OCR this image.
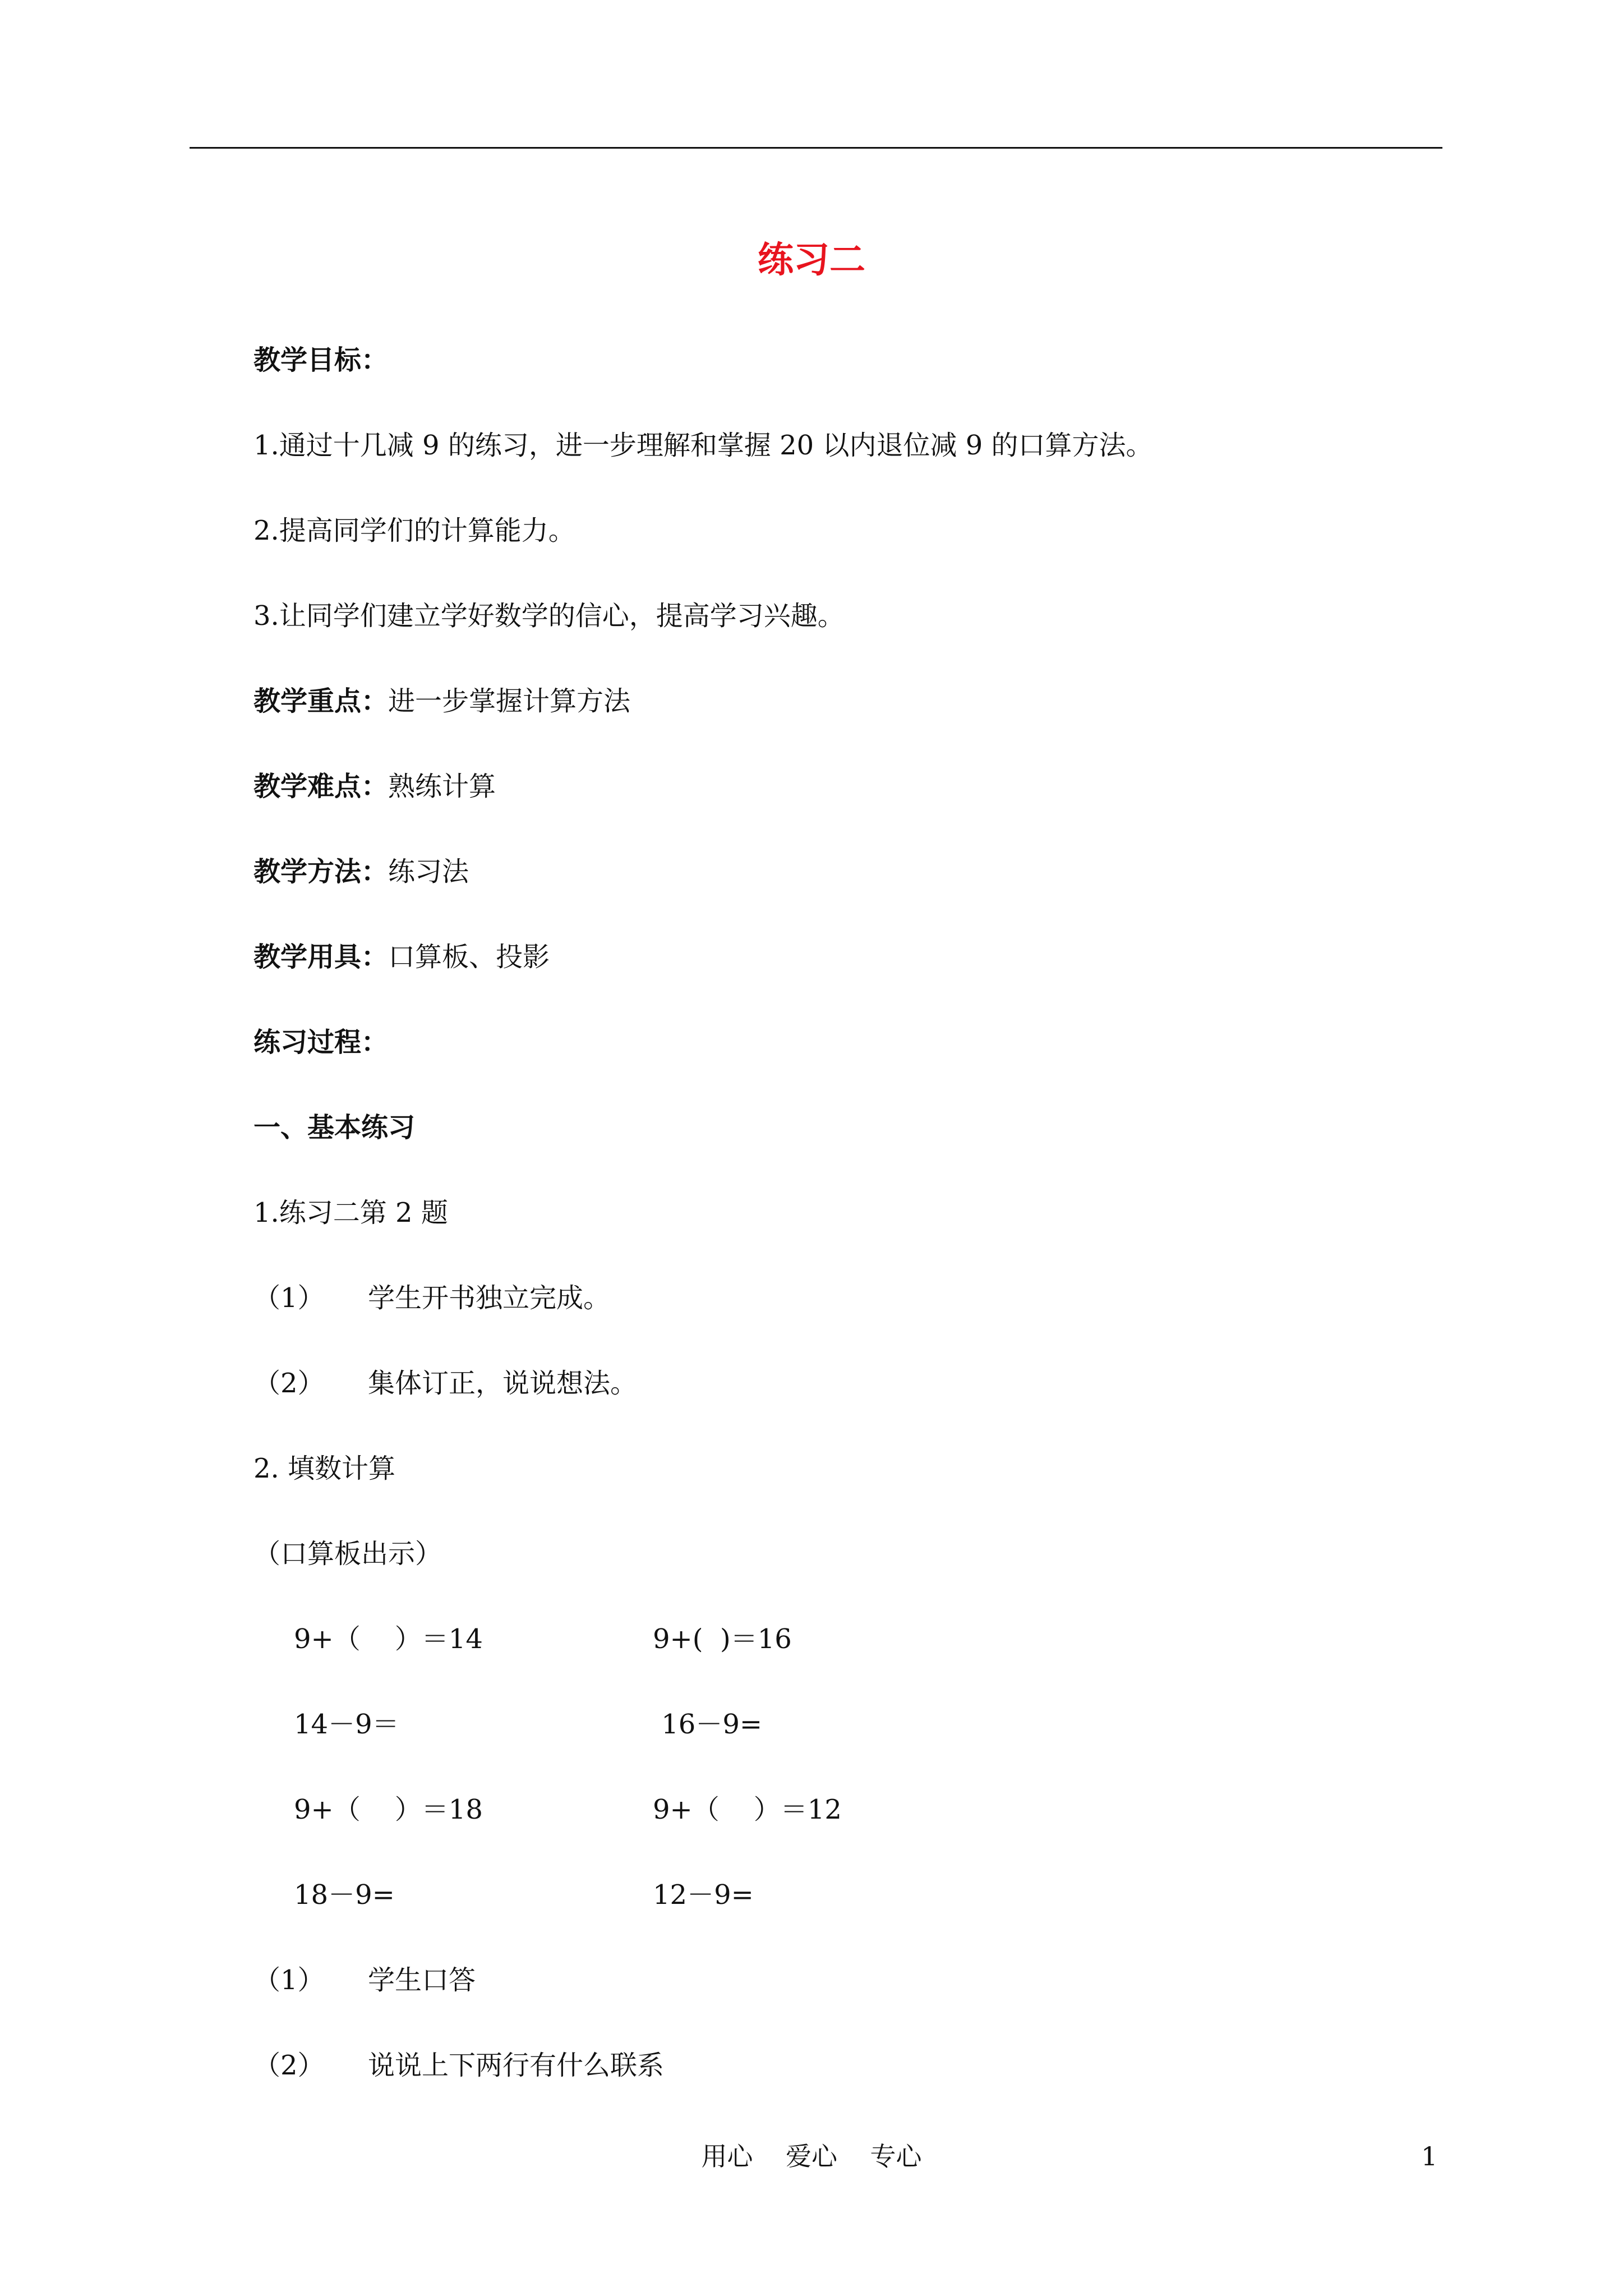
练习二
教学目标：
1.通过十几减 9 的练习，进一步理解和掌握 20 以内退位减 9 的口算方法。
2.提高同学们的计算能力。
3.让同学们建立学好数学的信心，提高学习兴趣。
教学重点：进一步掌握计算方法
教学难点：熟练计算
教学方法：练习法
教学用具：口算板、投影
练习过程：
一、基本练习
1.练习二第 2 题
（1） 学生开书独立完成。
（2） 集体订正，说说想法。
2. 填数计算
（口算板出示）
9+（    ）＝14	9+(  )＝16
14－9＝	16－9=
9+（    ）＝18	9+（    ）＝12
18－9=	12－9=
（1） 学生口答
（2） 说说上下两行有什么联系
用心    爱心    专心	1
